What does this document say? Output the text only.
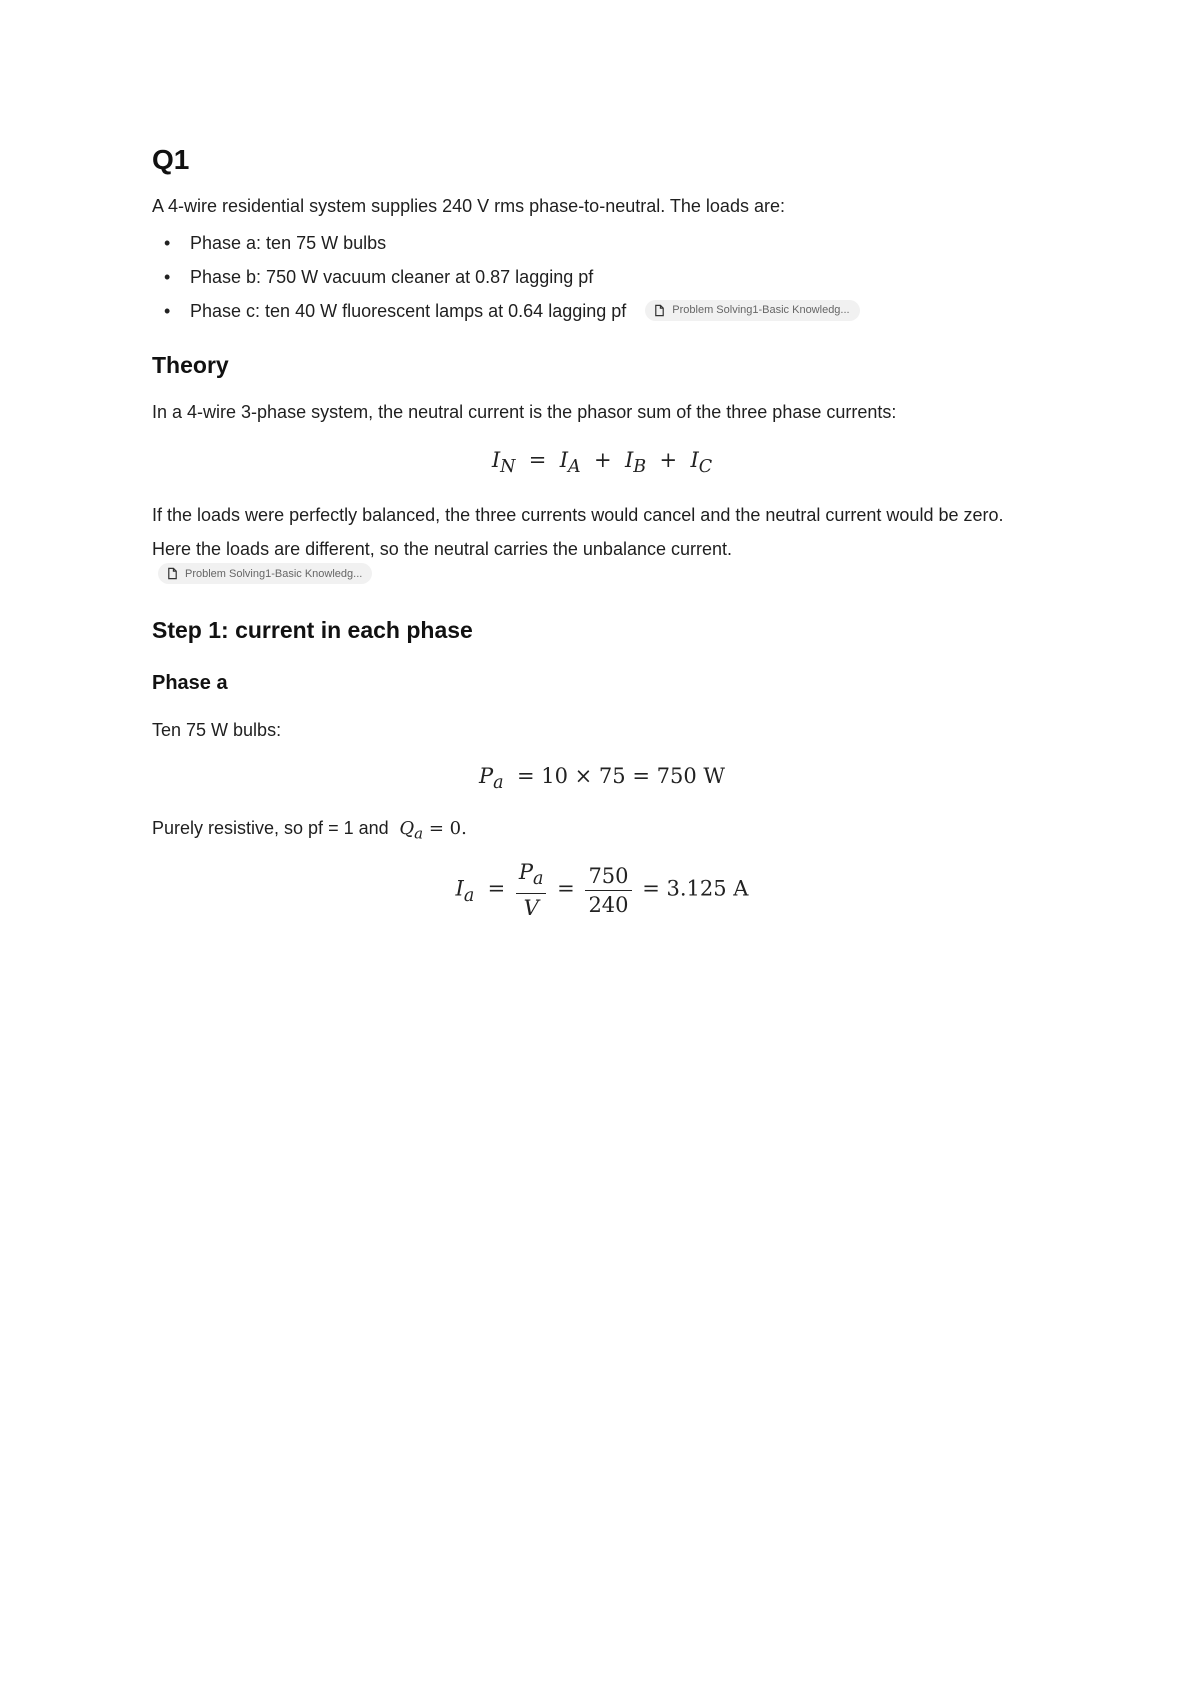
Q1

A 4-wire residential system supplies 240 V rms phase-to-neutral. The loads are:

• Phase a: ten 75 W bulbs
• Phase b: 750 W vacuum cleaner at 0.87 lagging pf
• Phase c: ten 40 W fluorescent lamps at 0.64 lagging pf	Problem Solving1-Basic Knowledg...
Theory

In a 4-wire 3-phase system, the neutral current is the phasor sum of the three phase currents:

$I_N = I_A + I_B + I_C$

If the loads were perfectly balanced, the three currents would cancel and the neutral current would be zero. Here the loads are different, so the neutral carries the unbalance current.

Problem Solving1-Basic Knowledg...
Step 1: current in each phase
Phase a

Ten 75 W bulbs:

$P_a = 10 \times 75 = 750$ W

Purely resistive, so pf = 1 and $Q_a = 0$.

$I_a = \frac{P_a}{V} = \frac{750}{240} = 3.125$ A
